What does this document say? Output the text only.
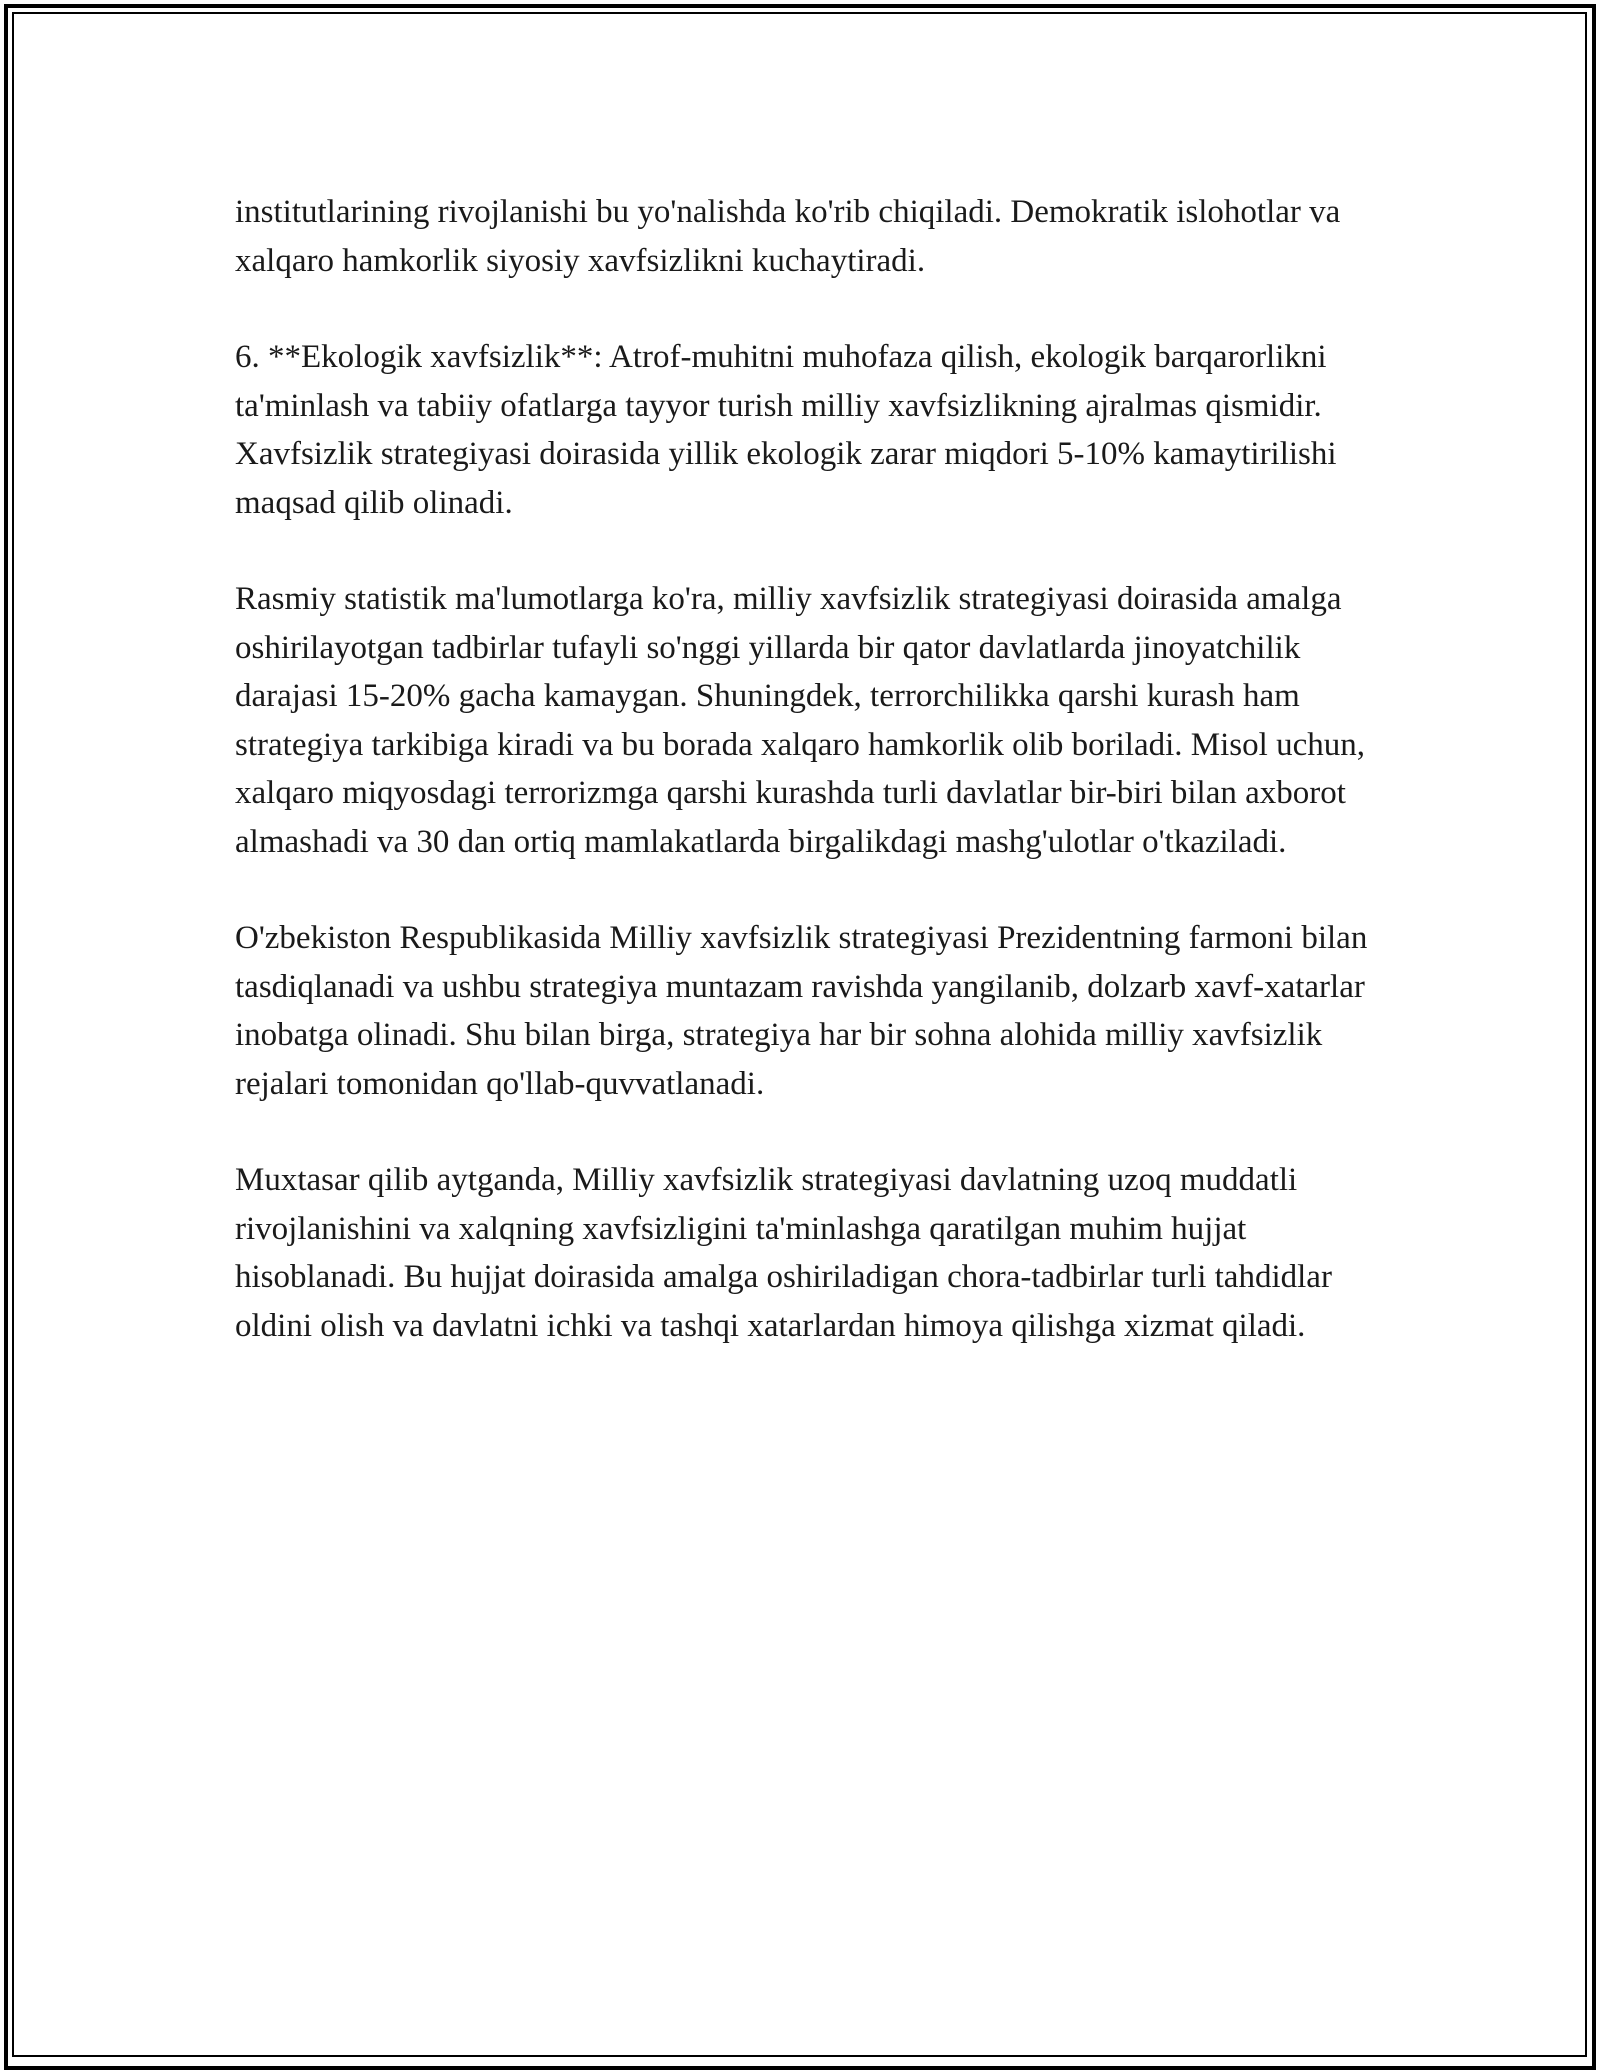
institutlarining rivojlanishi bu yo'nalishda ko'rib chiqiladi. Demokratik islohotlar va xalqaro hamkorlik siyosiy xavfsizlikni kuchaytiradi.

6. **Ekologik xavfsizlik**: Atrof-muhitni muhofaza qilish, ekologik barqarorlikni ta'minlash va tabiiy ofatlarga tayyor turish milliy xavfsizlikning ajralmas qismidir. Xavfsizlik strategiyasi doirasida yillik ekologik zarar miqdori 5-10% kamaytirilishi maqsad qilib olinadi.

Rasmiy statistik ma'lumotlarga ko'ra, milliy xavfsizlik strategiyasi doirasida amalga oshirilayotgan tadbirlar tufayli so'nggi yillarda bir qator davlatlarda jinoyatchilik darajasi 15-20% gacha kamaygan. Shuningdek, terrorchilikka qarshi kurash ham strategiya tarkibiga kiradi va bu borada xalqaro hamkorlik olib boriladi. Misol uchun, xalqaro miqyosdagi terrorizmga qarshi kurashda turli davlatlar bir-biri bilan axborot almashadi va 30 dan ortiq mamlakatlarda birgalikdagi mashg'ulotlar o'tkaziladi.

O'zbekiston Respublikasida Milliy xavfsizlik strategiyasi Prezidentning farmoni bilan tasdiqlanadi va ushbu strategiya muntazam ravishda yangilanib, dolzarb xavf-xatarlar inobatga olinadi. Shu bilan birga, strategiya har bir sohna alohida milliy xavfsizlik rejalari tomonidan qo'llab-quvvatlanadi.

Muxtasar qilib aytganda, Milliy xavfsizlik strategiyasi davlatning uzoq muddatli rivojlanishini va xalqning xavfsizligini ta'minlashga qaratilgan muhim hujjat hisoblanadi. Bu hujjat doirasida amalga oshiriladigan chora-tadbirlar turli tahdidlar oldini olish va davlatni ichki va tashqi xatarlardan himoya qilishga xizmat qiladi.
